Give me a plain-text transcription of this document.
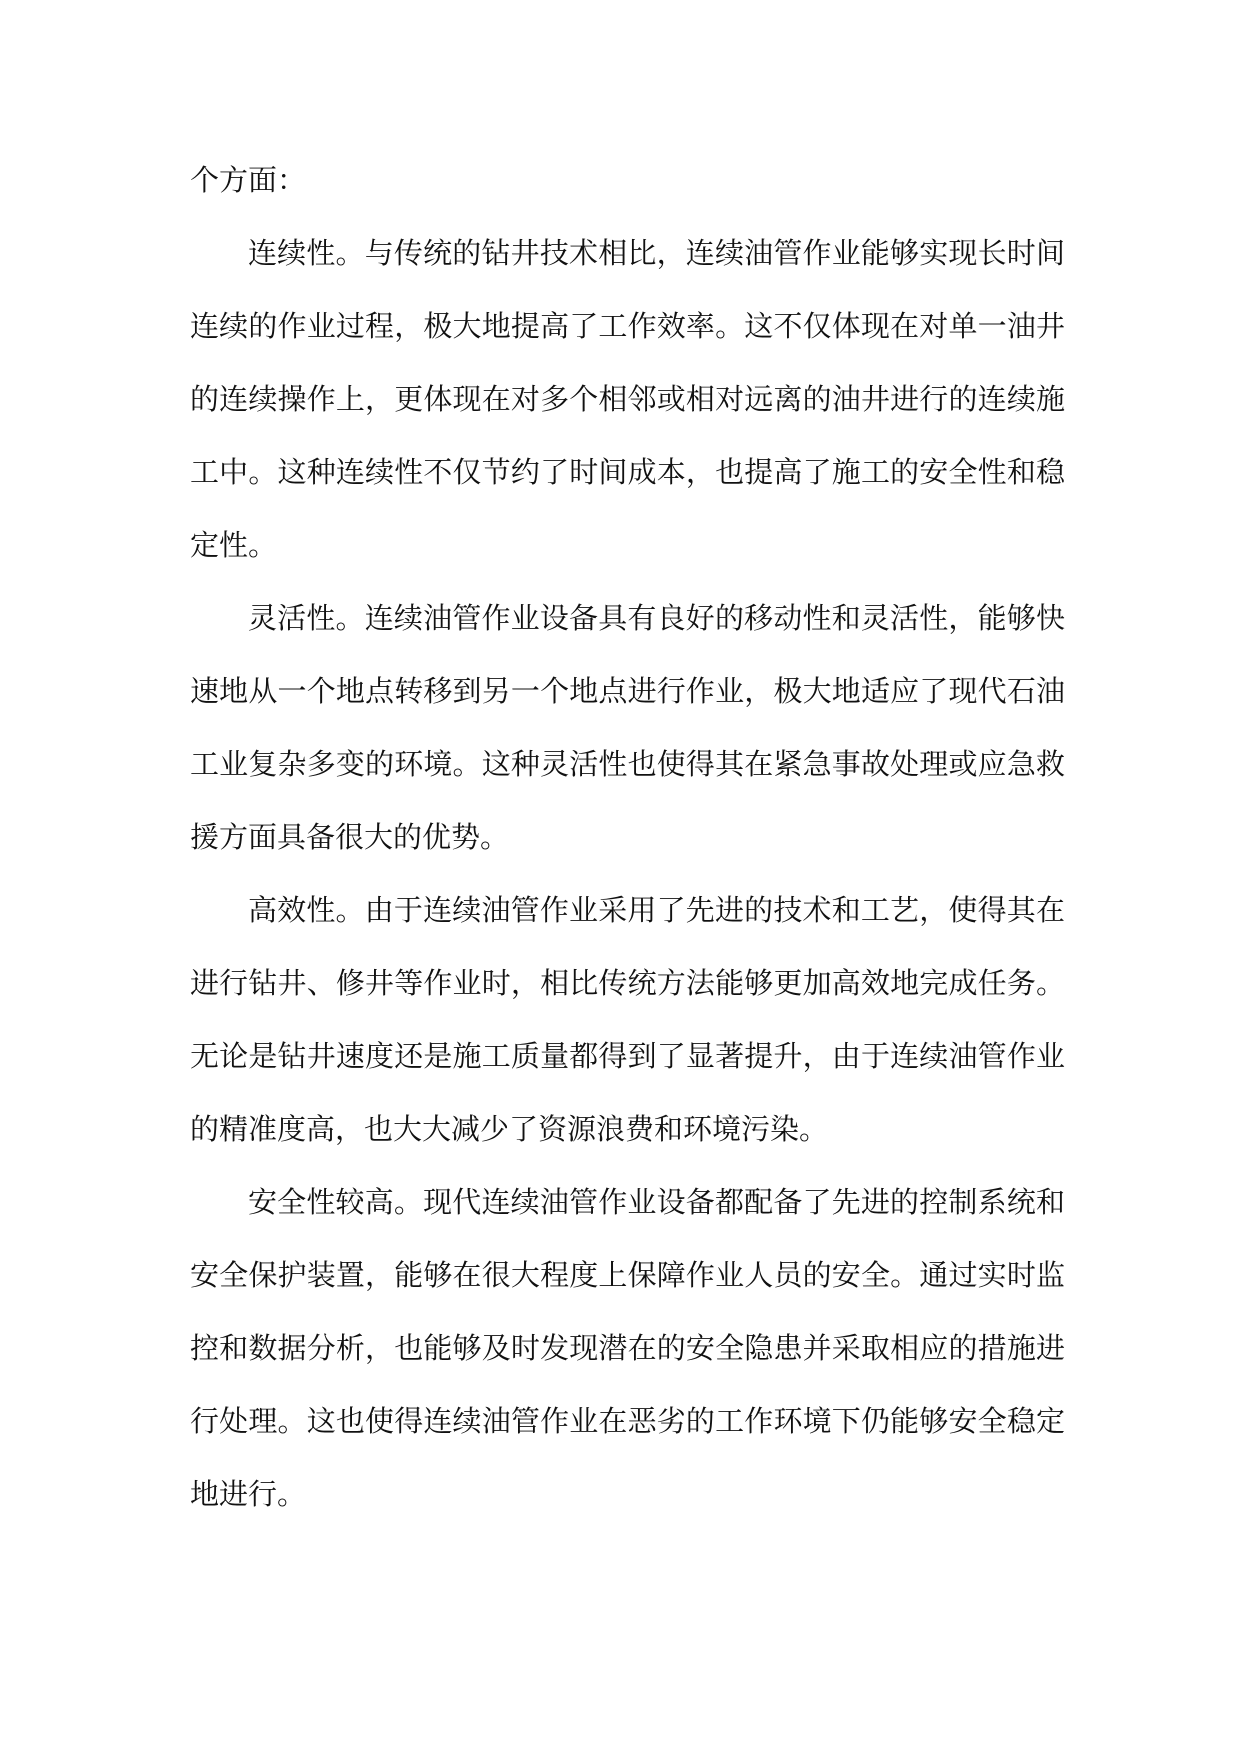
个方面：

连续性。与传统的钻井技术相比，连续油管作业能够实现长时间连续的作业过程，极大地提高了工作效率。这不仅体现在对单一油井的连续操作上，更体现在对多个相邻或相对远离的油井进行的连续施工中。这种连续性不仅节约了时间成本，也提高了施工的安全性和稳定性。

灵活性。连续油管作业设备具有良好的移动性和灵活性，能够快速地从一个地点转移到另一个地点进行作业，极大地适应了现代石油工业复杂多变的环境。这种灵活性也使得其在紧急事故处理或应急救援方面具备很大的优势。

高效性。由于连续油管作业采用了先进的技术和工艺，使得其在进行钻井、修井等作业时，相比传统方法能够更加高效地完成任务。无论是钻井速度还是施工质量都得到了显著提升，由于连续油管作业的精准度高，也大大减少了资源浪费和环境污染。

安全性较高。现代连续油管作业设备都配备了先进的控制系统和安全保护装置，能够在很大程度上保障作业人员的安全。通过实时监控和数据分析，也能够及时发现潜在的安全隐患并采取相应的措施进行处理。这也使得连续油管作业在恶劣的工作环境下仍能够安全稳定地进行。
